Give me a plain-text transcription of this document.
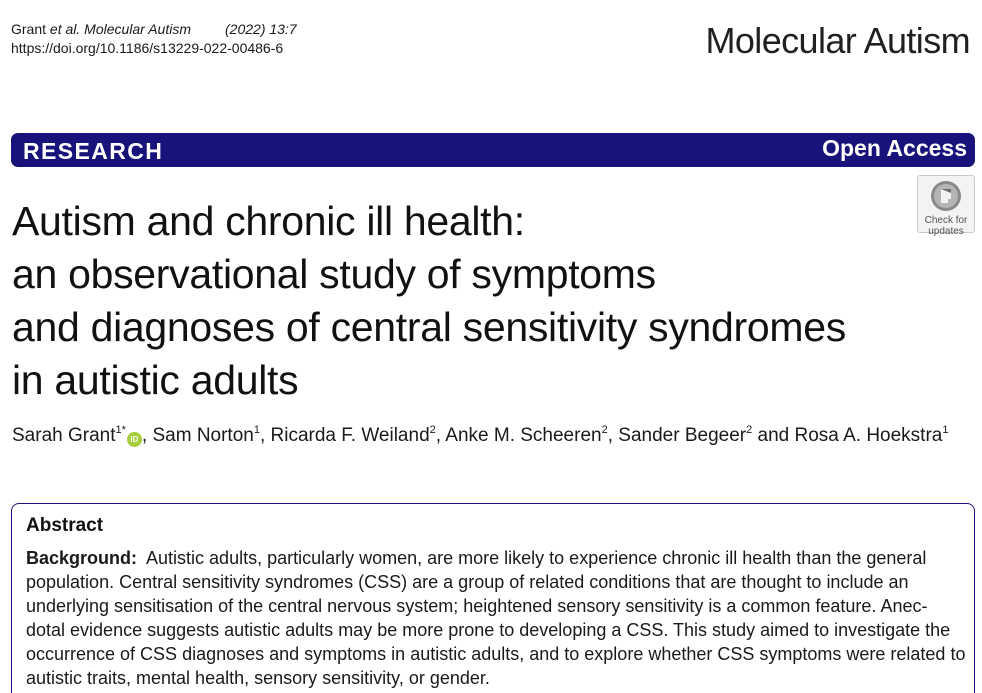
Grant et al. Molecular Autism (2022) 13:7
https://doi.org/10.1186/s13229-022-00486-6	Molecular Autism
RESEARCH	Open Access
Check for
updates
Autism and chronic ill health:
an observational study of symptoms
and diagnoses of central sensitivity syndromes
in autistic adults
Sarah Grant$^{1*}$iD , Sam Norton$^1$, Ricarda F. Weiland$^2$, Anke M. Scheeren$^2$, Sander Begeer$^2$ and Rosa A. Hoekstra$^1$
Abstract
Background:  Autistic adults, particularly women, are more likely to experience chronic ill health than the general
population. Central sensitivity syndromes (CSS) are a group of related conditions that are thought to include an
underlying sensitisation of the central nervous system; heightened sensory sensitivity is a common feature. Anec-
dotal evidence suggests autistic adults may be more prone to developing a CSS. This study aimed to investigate the
occurrence of CSS diagnoses and symptoms in autistic adults, and to explore whether CSS symptoms were related to
autistic traits, mental health, sensory sensitivity, or gender.
